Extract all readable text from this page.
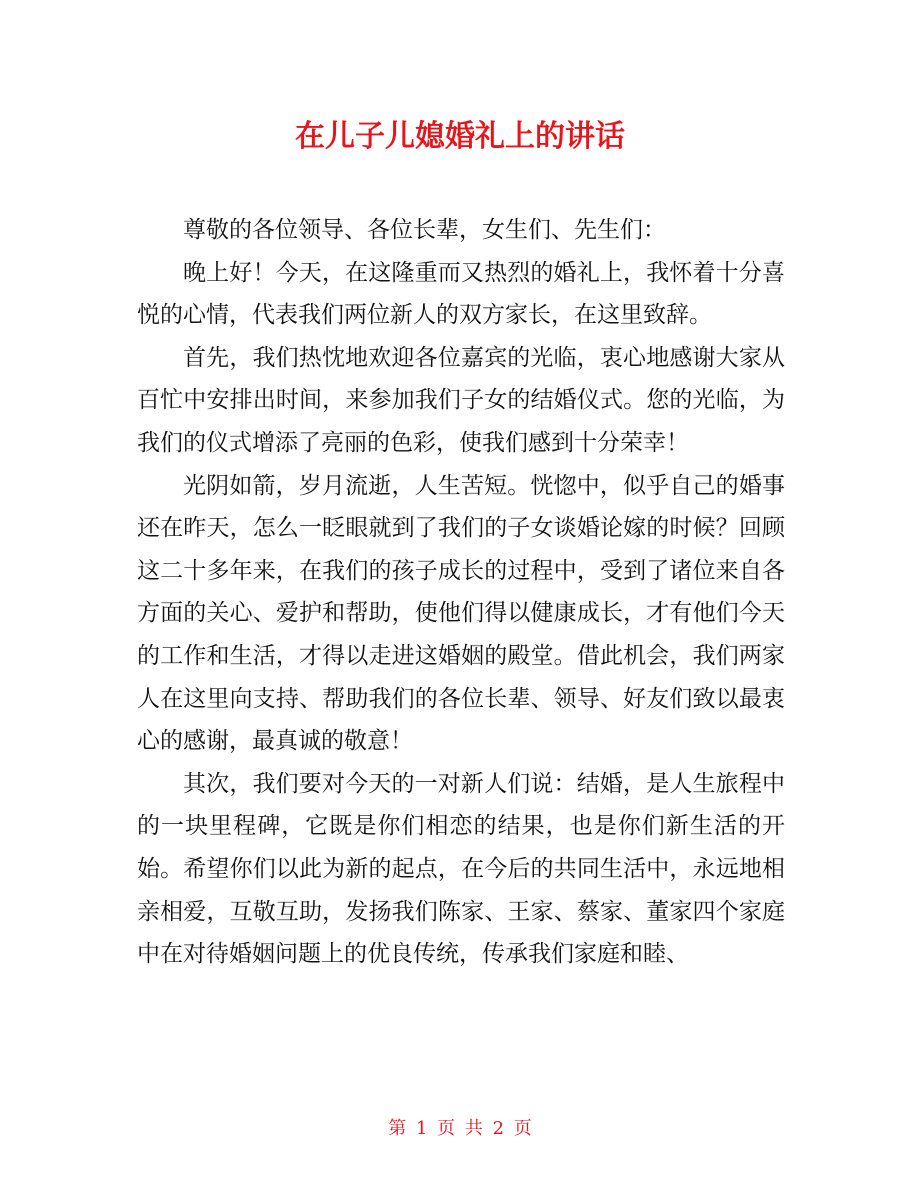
在儿子儿媳婚礼上的讲话

尊敬的各位领导、各位长辈，女生们、先生们：

晚上好！今天，在这隆重而又热烈的婚礼上，我怀着十分喜悦的心情，代表我们两位新人的双方家长，在这里致辞。

首先，我们热忱地欢迎各位嘉宾的光临，衷心地感谢大家从百忙中安排出时间，来参加我们子女的结婚仪式。您的光临，为我们的仪式增添了亮丽的色彩，使我们感到十分荣幸！

光阴如箭，岁月流逝，人生苦短。恍惚中，似乎自己的婚事还在昨天，怎么一眨眼就到了我们的子女谈婚论嫁的时候？回顾这二十多年来，在我们的孩子成长的过程中，受到了诸位来自各方面的关心、爱护和帮助，使他们得以健康成长，才有他们今天的工作和生活，才得以走进这婚姻的殿堂。借此机会，我们两家人在这里向支持、帮助我们的各位长辈、领导、好友们致以最衷心的感谢，最真诚的敬意！

其次，我们要对今天的一对新人们说：结婚，是人生旅程中的一块里程碑，它既是你们相恋的结果，也是你们新生活的开始。希望你们以此为新的起点，在今后的共同生活中，永远地相亲相爱，互敬互助，发扬我们陈家、王家、蔡家、董家四个家庭中在对待婚姻问题上的优良传统，传承我们家庭和睦、

第 1 页 共 2 页
